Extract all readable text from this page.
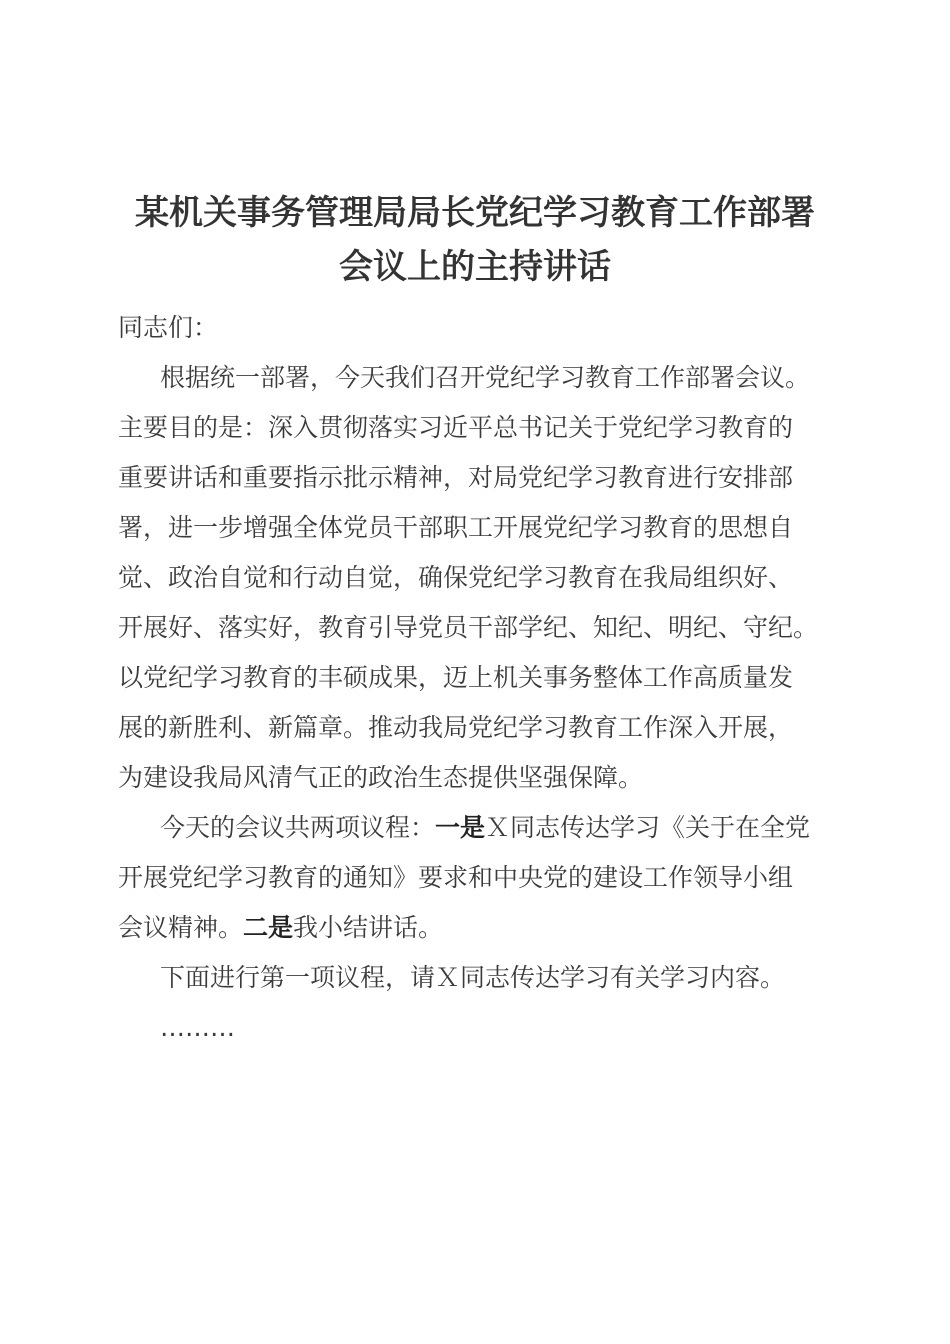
某机关事务管理局局长党纪学习教育工作部署
会议上的主持讲话
同志们：
根据统一部署，今天我们召开党纪学习教育工作部署会议。
主要目的是：深入贯彻落实习近平总书记关于党纪学习教育的
重要讲话和重要指示批示精神，对局党纪学习教育进行安排部
署，进一步增强全体党员干部职工开展党纪学习教育的思想自
觉、政治自觉和行动自觉，确保党纪学习教育在我局组织好、
开展好、落实好，教育引导党员干部学纪、知纪、明纪、守纪。
以党纪学习教育的丰硕成果，迈上机关事务整体工作高质量发
展的新胜利、新篇章。推动我局党纪学习教育工作深入开展，
为建设我局风清气正的政治生态提供坚强保障。
今天的会议共两项议程：一是Ｘ同志传达学习《关于在全党
开展党纪学习教育的通知》要求和中央党的建设工作领导小组
会议精神。二是我小结讲话。
下面进行第一项议程，请Ｘ同志传达学习有关学习内容。
………
